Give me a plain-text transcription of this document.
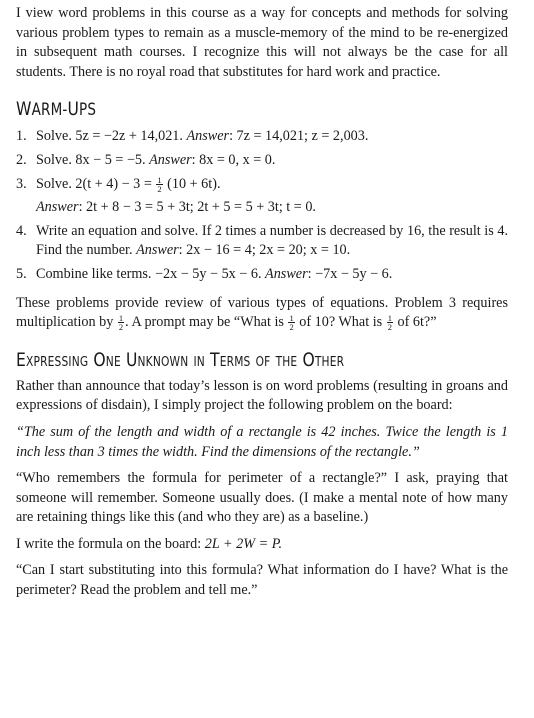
I view word problems in this course as a way for concepts and methods for solving various problem types to remain as a muscle-memory of the mind to be re-energized in subsequent math courses. I recognize this will not always be the case for all students. There is no royal road that substitutes for hard work and practice.

WARM-UPS
1. Solve. 5z = −2z + 14,021. Answer: 7z = 14,021; z = 2,003.
2. Solve. 8x − 5 = −5. Answer: 8x = 0, x = 0.
3. Solve. $2(t + 4) - 3 = \frac{1}{2} (10 + 6t)$.
Answer: 2t + 8 − 3 = 5 + 3t; 2t + 5 = 5 + 3t; t = 0.
4. Write an equation and solve. If 2 times a number is decreased by 16, the result is 4. Find the number. Answer: 2x − 16 = 4; 2x = 20; x = 10.
5. Combine like terms. −2x − 5y − 5x − 6. Answer: −7x − 5y − 6.

These problems provide review of various types of equations. Problem 3 requires multiplication by $\frac{1}{2}$ . A prompt may be “What is $\frac{1}{2}$ of 10? What is $\frac{1}{2}$ of 6t?”

Expressing One Unknown in Terms of the Other

Rather than announce that today’s lesson is on word problems (resulting in groans and expressions of disdain), I simply project the following problem on the board:

“The sum of the length and width of a rectangle is 42 inches. Twice the length is 1 inch less than 3 times the width. Find the dimensions of the rectangle.”

“Who remembers the formula for perimeter of a rectangle?” I ask, praying that someone will remember. Someone usually does. (I make a mental note of how many are retaining things like this (and who they are) as a baseline.)

I write the formula on the board: 2L + 2W = P.

“Can I start substituting into this formula? What information do I have? What is the perimeter? Read the problem and tell me.”
